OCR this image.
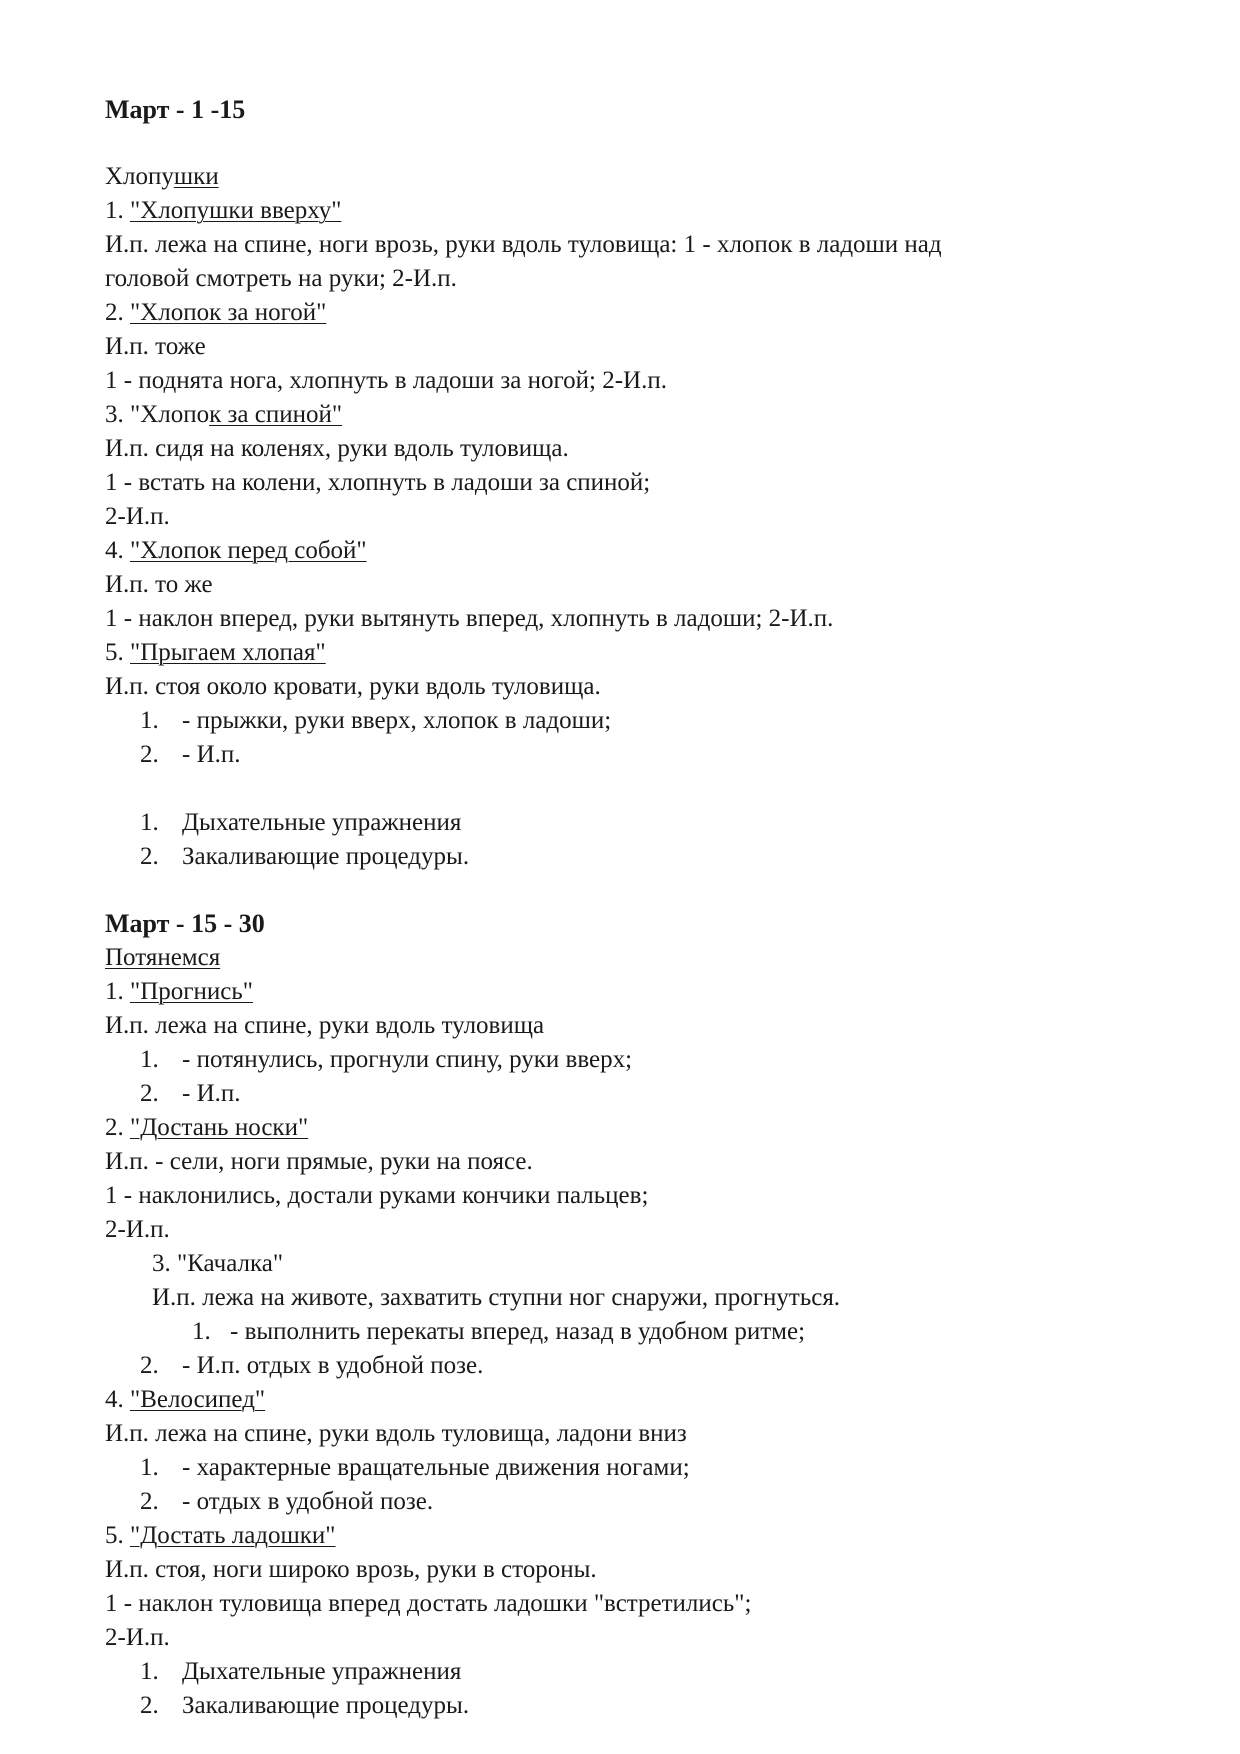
Март - 1 -15
Хлопушки
1. "Хлопушки вверху"
И.п. лежа на спине, ноги врозь, руки вдоль туловища: 1 - хлопок в ладоши над
головой смотреть на руки; 2-И.п.
2. "Хлопок за ногой"
И.п. тоже
1 - поднята нога, хлопнуть в ладоши за ногой; 2-И.п.
3. "Хлопок за спиной"
И.п. сидя на коленях, руки вдоль туловища.
1 - встать на колени, хлопнуть в ладоши за спиной;
2-И.п.
4. "Хлопок перед собой"
И.п. то же
1 - наклон вперед, руки вытянуть вперед, хлопнуть в ладоши; 2-И.п.
5. "Прыгаем хлопая"
И.п. стоя около кровати, руки вдоль туловища.
1. - прыжки, руки вверх, хлопок в ладоши;
2. - И.п.
1. Дыхательные упражнения
2. Закаливающие процедуры.
Март - 15 - 30
Потянемся
1. "Прогнись"
И.п. лежа на спине, руки вдоль туловища
1. - потянулись, прогнули спину, руки вверх;
2. - И.п.
2. "Достань носки"
И.п. - сели, ноги прямые, руки на поясе.
1 - наклонились, достали руками кончики пальцев;
2-И.п.
3. "Качалка"
И.п. лежа на животе, захватить ступни ног снаружи, прогнуться.
1. - выполнить перекаты вперед, назад в удобном ритме;
2. - И.п. отдых в удобной позе.
4. "Велосипед"
И.п. лежа на спине, руки вдоль туловища, ладони вниз
1. - характерные вращательные движения ногами;
2. - отдых в удобной позе.
5. "Достать ладошки"
И.п. стоя, ноги широко врозь, руки в стороны.
1 - наклон туловища вперед достать ладошки "встретились";
2-И.п.
1. Дыхательные упражнения
2. Закаливающие процедуры.
